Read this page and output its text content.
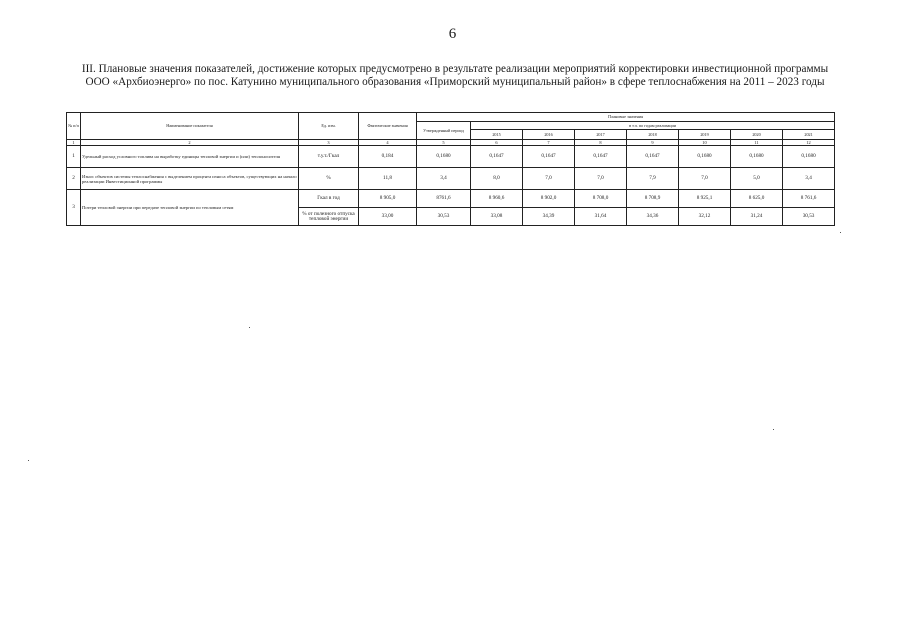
6
III. Плановые значения показателей, достижение которых предусмотрено в результате реализации мероприятий корректировки инвестиционной программы ООО «Архбиоэнерго» по пос. Катунино муниципального образования «Приморский муниципальный район» в сфере теплоснабжения на 2011 – 2023 годы
№ п/п	Наименование показателя	Ед. изм.	Фактические значения	Плановые значения							
				Утвержденный период	в т.ч. по годам реализации						
					2015	2016	2017	2018	2019	2020	2021
1	2	3	4	5	6	7	8	9	10	11	12
1	Удельный расход условного топлива на выработку единицы тепловой энергии и (или) теплоносителя	т.у.т./Гкал	0,184	0,1680	0,1647	0,1647	0,1647	0,1647	0,1680	0,1680	0,1680
2	Износ объектов системы теплоснабжения с выделением процента износа объектов, существующих на начало реализации Инвестиционной программы	%	11,8	3,4	8,0	7,0	7,0	7,9	7,0	5,0	3,4
3	Потери тепловой энергии при передаче тепловой энергии по тепловым сетям	Гкал в год	8 905,0	8761,6	8 960,6	8 902,0	8 708,0	8 708,9	8 925,1	8 625,0	8 761,6
		% от полезного отпуска тепловой энергии	33,00	30,53	33,08	34,39	31,64	34,36	32,12	31,24	30,53
